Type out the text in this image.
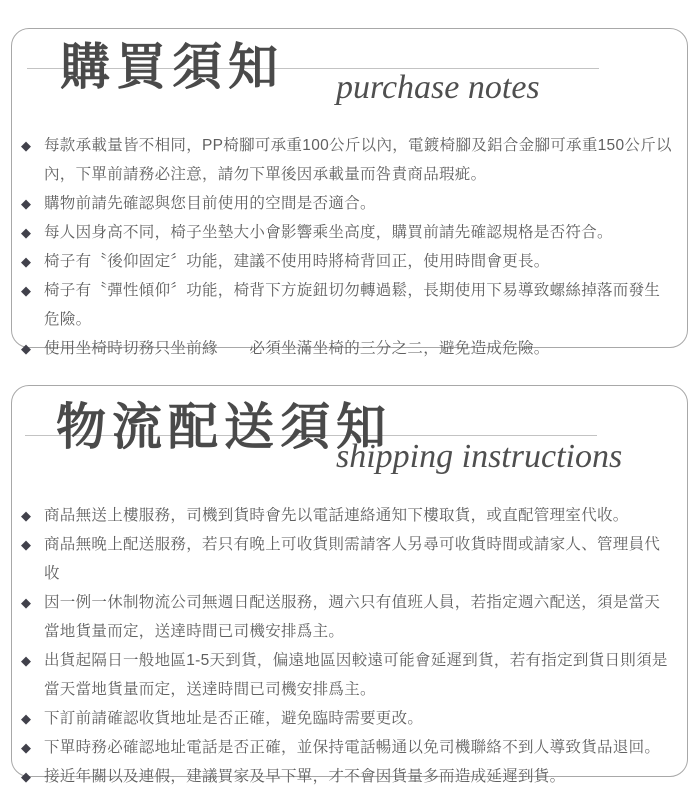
購買須知 purchase notes
◆ 每款承載量皆不相同，PP椅腳可承重100公斤以內，電鍍椅腳及鋁合金腳可承重150公斤以內，下單前請務必注意，請勿下單後因承載量而咎責商品瑕疵。
◆ 購物前請先確認與您目前使用的空間是否適合。
◆ 每人因身高不同，椅子坐墊大小會影響乘坐高度，購買前請先確認規格是否符合。
◆ 椅子有〝後仰固定〞功能，建議不使用時將椅背回正，使用時間會更長。
◆ 椅子有〝彈性傾仰〞功能，椅背下方旋鈕切勿轉過鬆，長期使用下易導致螺絲掉落而發生危險。
◆ 使用坐椅時切務只坐前緣　　必須坐滿坐椅的三分之二，避免造成危險。
物流配送須知
shipping instructions
◆ 商品無送上樓服務，司機到貨時會先以電話連絡通知下樓取貨，或直配管理室代收。
◆ 商品無晚上配送服務，若只有晚上可收貨則需請客人另尋可收貨時間或請家人、管理員代收
◆ 因一例一休制物流公司無週日配送服務，週六只有值班人員，若指定週六配送，須是當天當地貨量而定，送達時間已司機安排爲主。
◆ 出貨起隔日一般地區1-5天到貨，偏遠地區因較遠可能會延遲到貨，若有指定到貨日則須是當天當地貨量而定，送達時間已司機安排爲主。
◆ 下訂前請確認收貨地址是否正確，避免臨時需要更改。
◆ 下單時務必確認地址電話是否正確，並保持電話暢通以免司機聯絡不到人導致貨品退回。
◆ 接近年關以及連假，建議買家及早下單，才不會因貨量多而造成延遲到貨。
